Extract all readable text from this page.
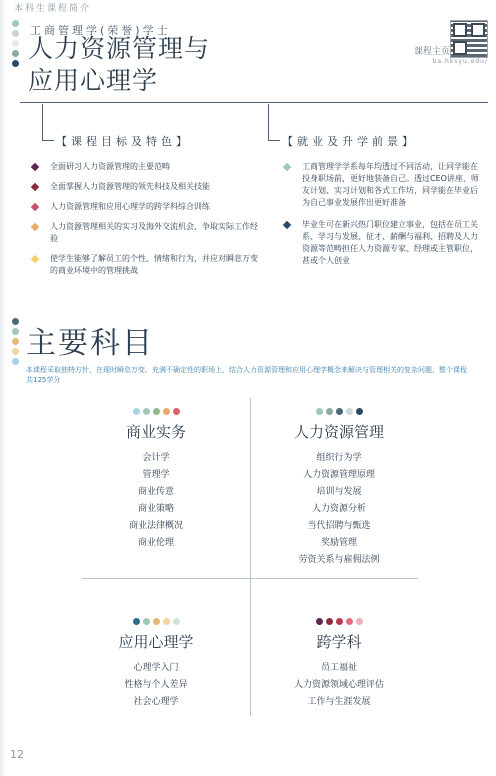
本科生课程简介
工商管理学(荣誉)学士
人力资源管理与
应用心理学
课程主页
ba.hksyu.edu/
【课程目标及特色】	【就业及升学前景】
全面研习人力资源管理的主要范畴
全面掌握人力资源管理的领先科技及相关技能
人力资源管理和应用心理学的跨学科综合训练
人力资源管理相关的实习及海外交流机会，争取实际工作经验
使学生能够了解员工的个性、情绪和行为，并应对瞬息万变的商业环境中的管理挑战
工商管理学学系每年均透过不同活动，让同学能在投身职场前，更好地装备自己。透过CEO讲座、师友计划、实习计划和各式工作坊，同学能在毕业后为自己事业发展作出更好准备
毕业生可在新兴热门职位建立事业，包括在员工关系、学习与发展、征才、薪酬与福利、招聘及人力资源等范畴担任人力资源专家、经理或主管职位，甚或个人创业
主要科目
本课程采取独特方针，在现时瞬息万变、充满不确定性的职场上，结合人力资源管理和应用心理学概念来解决与管理相关的复杂问题，整个课程共125学分
商业实务
会计学
管理学
商业传意
商业策略
商业法律概况
商业伦理
人力资源管理
组织行为学
人力资源管理原理
培训与发展
人力资源分析
当代招聘与甄选
奖励管理
劳资关系与雇佣法例
应用心理学
心理学入门
性格与个人差异
社会心理学
跨学科
员工福祉
人力资源领域心理评估
工作与生涯发展
12
